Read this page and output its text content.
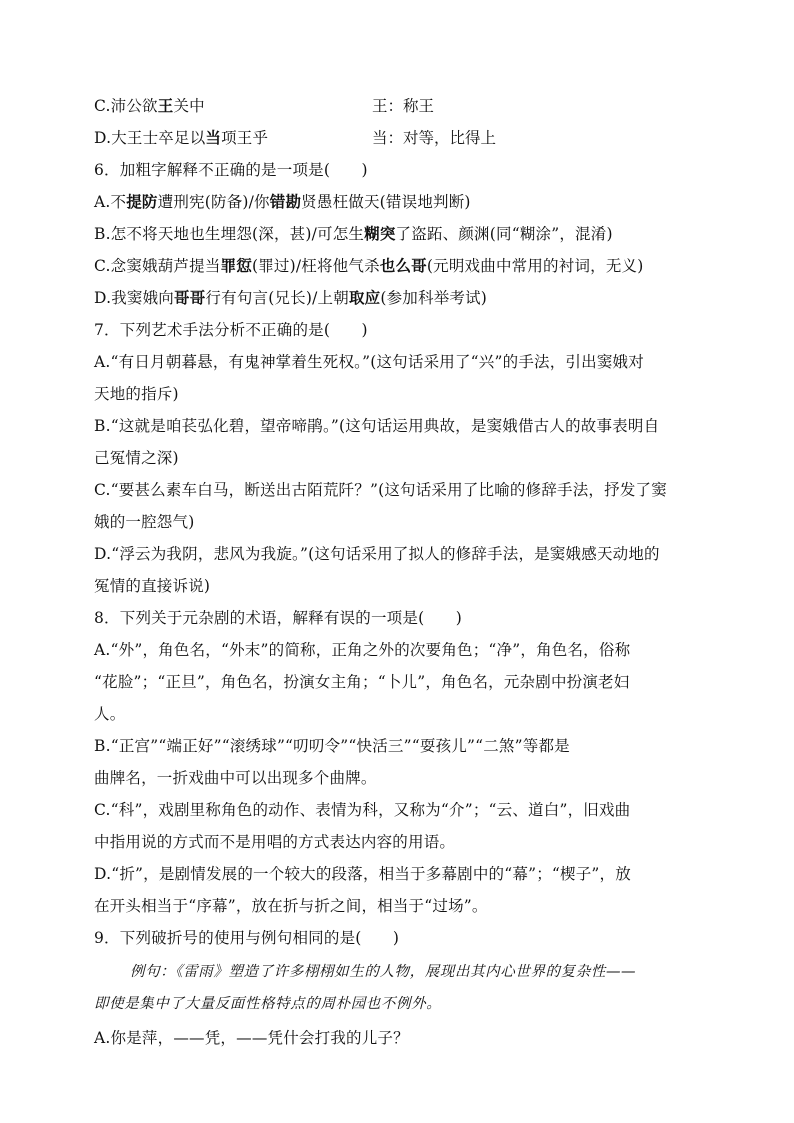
C.沛公欲王关中	王：称王
D.大王士卒足以当项王乎	当：对等，比得上
6．加粗字解释不正确的是一项是(　　)
A.不提防遭刑宪(防备)/你错勘贤愚枉做天(错误地判断)
B.怎不将天地也生埋怨(深，甚)/可怎生糊突了盗跖、颜渊(同“糊涂”，混淆)
C.念窦娥葫芦提当罪愆(罪过)/枉将他气杀也么哥(元明戏曲中常用的衬词，无义)
D.我窦娥向哥哥行有句言(兄长)/上朝取应(参加科举考试)
7．下列艺术手法分析不正确的是(　　)
A.“有日月朝暮悬，有鬼神掌着生死权。”(这句话采用了“兴”的手法，引出窦娥对
天地的指斥)
B.“这就是咱苌弘化碧，望帝啼鹃。”(这句话运用典故，是窦娥借古人的故事表明自
己冤情之深)
C.“要甚么素车白马，断送出古陌荒阡？”(这句话采用了比喻的修辞手法，抒发了窦
娥的一腔怨气)
D.“浮云为我阴，悲风为我旋。”(这句话采用了拟人的修辞手法，是窦娥感天动地的
冤情的直接诉说)
8．下列关于元杂剧的术语，解释有误的一项是(　　)
A.“外”，角色名，“外末”的简称，正角之外的次要角色；“净”，角色名，俗称
“花脸”；“正旦”，角色名，扮演女主角；“卜儿”，角色名，元杂剧中扮演老妇
人。
B.“正宫”“端正好”“滚绣球”“叨叨令”“快活三”“耍孩儿”“二煞”等都是
曲牌名，一折戏曲中可以出现多个曲牌。
C.“科”，戏剧里称角色的动作、表情为科，又称为“介”；“云、道白”，旧戏曲
中指用说的方式而不是用唱的方式表达内容的用语。
D.“折”，是剧情发展的一个较大的段落，相当于多幕剧中的“幕”；“楔子”，放
在开头相当于“序幕”，放在折与折之间，相当于“过场”。
9．下列破折号的使用与例句相同的是(　　)
例句：《雷雨》塑造了许多栩栩如生的人物，展现出其内心世界的复杂性——
即使是集中了大量反面性格特点的周朴园也不例外。
A.你是萍，——凭，——凭什会打我的儿子？
